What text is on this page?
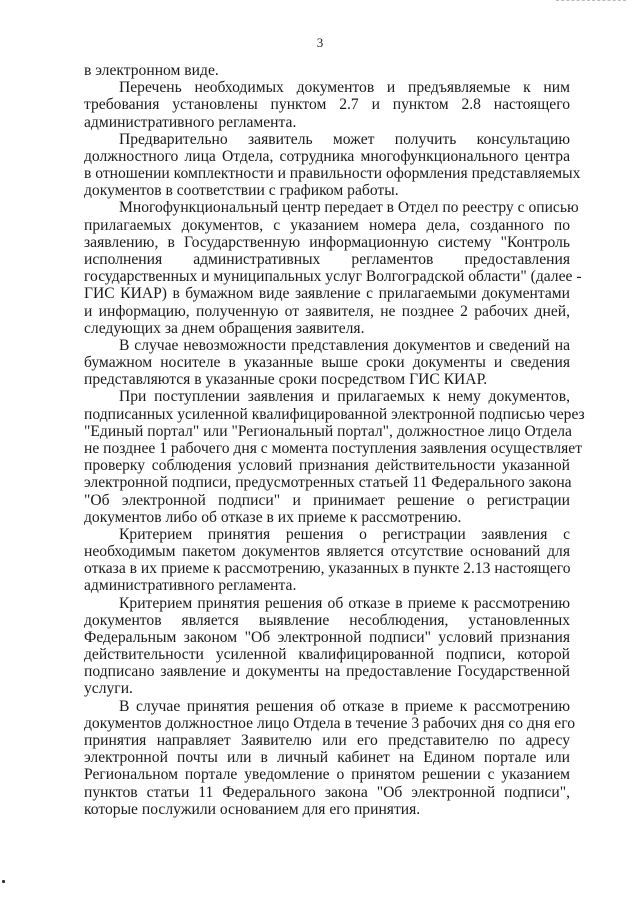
3
в электронном виде.
Перечень необходимых документов и предъявляемые к ним
требования установлены пунктом 2.7 и пунктом 2.8 настоящего
административного регламента.
Предварительно заявитель может получить консультацию
должностного лица Отдела, сотрудника многофункционального центра
в отношении комплектности и правильности оформления представляемых
документов в соответствии с графиком работы.
Многофункциональный центр передает в Отдел по реестру с описью
прилагаемых документов, с указанием номера дела, созданного по
заявлению, в Государственную информационную систему "Контроль
исполнения административных регламентов предоставления
государственных и муниципальных услуг Волгоградской области" (далее -
ГИС КИАР) в бумажном виде заявление с прилагаемыми документами
и информацию, полученную от заявителя, не позднее 2 рабочих дней,
следующих за днем обращения заявителя.
В случае невозможности представления документов и сведений на
бумажном носителе в указанные выше сроки документы и сведения
представляются в указанные сроки посредством ГИС КИАР.
При поступлении заявления и прилагаемых к нему документов,
подписанных усиленной квалифицированной электронной подписью через
"Единый портал" или "Региональный портал", должностное лицо Отдела
не позднее 1 рабочего дня с момента поступления заявления осуществляет
проверку соблюдения условий признания действительности указанной
электронной подписи, предусмотренных статьей 11 Федерального закона
"Об электронной подписи" и принимает решение о регистрации
документов либо об отказе в их приеме к рассмотрению.
Критерием принятия решения о регистрации заявления с
необходимым пакетом документов является отсутствие оснований для
отказа в их приеме к рассмотрению, указанных в пункте 2.13 настоящего
административного регламента.
Критерием принятия решения об отказе в приеме к рассмотрению
документов является выявление несоблюдения, установленных
Федеральным законом "Об электронной подписи" условий признания
действительности усиленной квалифицированной подписи, которой
подписано заявление и документы на предоставление Государственной
услуги.
В случае принятия решения об отказе в приеме к рассмотрению
документов должностное лицо Отдела в течение 3 рабочих дня со дня его
принятия направляет Заявителю или его представителю по адресу
электронной почты или в личный кабинет на Едином портале или
Региональном портале уведомление о принятом решении с указанием
пунктов статьи 11 Федерального закона "Об электронной подписи",
которые послужили основанием для его принятия.
